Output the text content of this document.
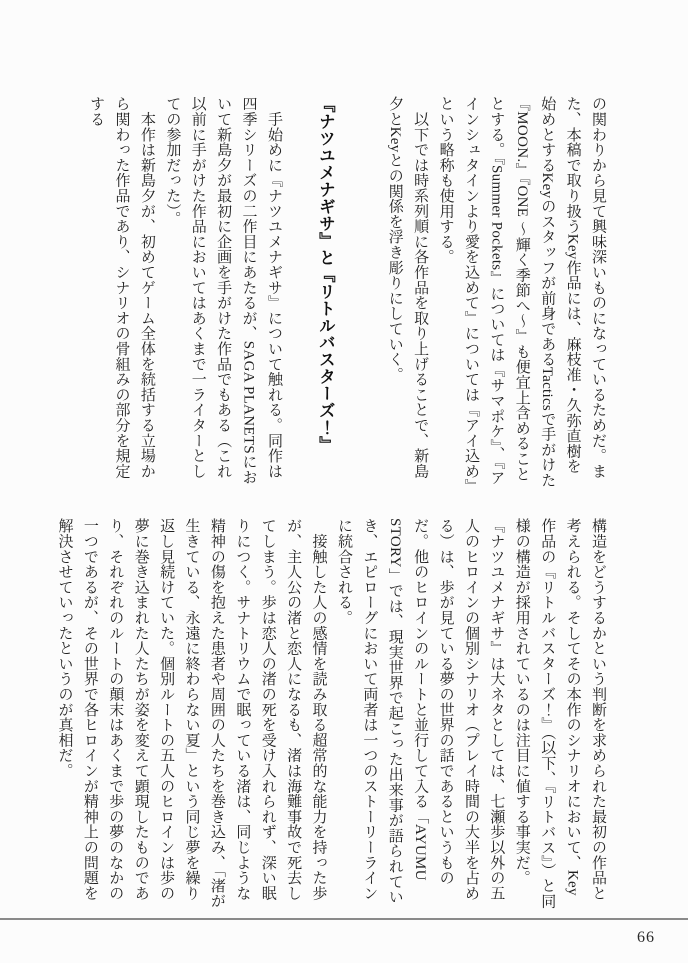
の関わりから見て興味深いものになっているためだ。また、本稿で取り扱うKey作品には、麻枝准・久弥直樹を始めとするKeyのスタッフが前身であるTacticsで手がけた『MOON.』『ONE ～輝く季節へ～』も便宜上含めることとする。『Summer Pockets』については『サマポケ』、『アインシュタインより愛を込めて』については『アイ込め』という略称も使用する。

　以下では時系列順に各作品を取り上げることで、新島夕とKeyとの関係を浮き彫りにしていく。

『ナツユメナギサ』と『リトルバスターズ！』

　手始めに『ナツユメナギサ』について触れる。同作は四季シリーズの二作目にあたるが、SAGA PLANETSにおいて新島夕が最初に企画を手がけた作品でもある（これ以前に手がけた作品においてはあくまで一ライターとしての参加だった）。

　本作は新島夕が、初めてゲーム全体を統括する立場から関わった作品であり、シナリオの骨組みの部分を規定する

構造をどうするかという判断を求められた最初の作品と考えられる。そしてその本作のシナリオにおいて、Key作品の『リトルバスターズ！』（以下、『リトバス』）と同様の構造が採用されているのは注目に値する事実だ。

『ナツユメナギサ』は大ネタとしては、七瀬歩以外の五人のヒロインの個別シナリオ（プレイ時間の大半を占める）は、歩が見ている夢の世界の話であるというものだ。他のヒロインのルートと並行して入る「AYUMU STORY」では、現実世界で起こった出来事が語られていき、エピローグにおいて両者は一つのストーリーラインに統合される。

　接触した人の感情を読み取る超常的な能力を持った歩が、主人公の渚と恋人になるも、渚は海難事故で死去してしまう。歩は恋人の渚の死を受け入れられず、深い眠りにつく。サナトリウムで眠っている渚は、同じような精神の傷を抱えた患者や周囲の人たちを巻き込み、「渚が生きている、永遠に終わらない夏」という同じ夢を繰り返し見続けていた。個別ルートの五人のヒロインは歩の夢に巻き込まれた人たちが姿を変えて顕現したものであり、それぞれのルートの顛末はあくまで歩の夢のなかの一つであるが、その世界で各ヒロインが精神上の問題を解決させていったというのが真相だ。

66
